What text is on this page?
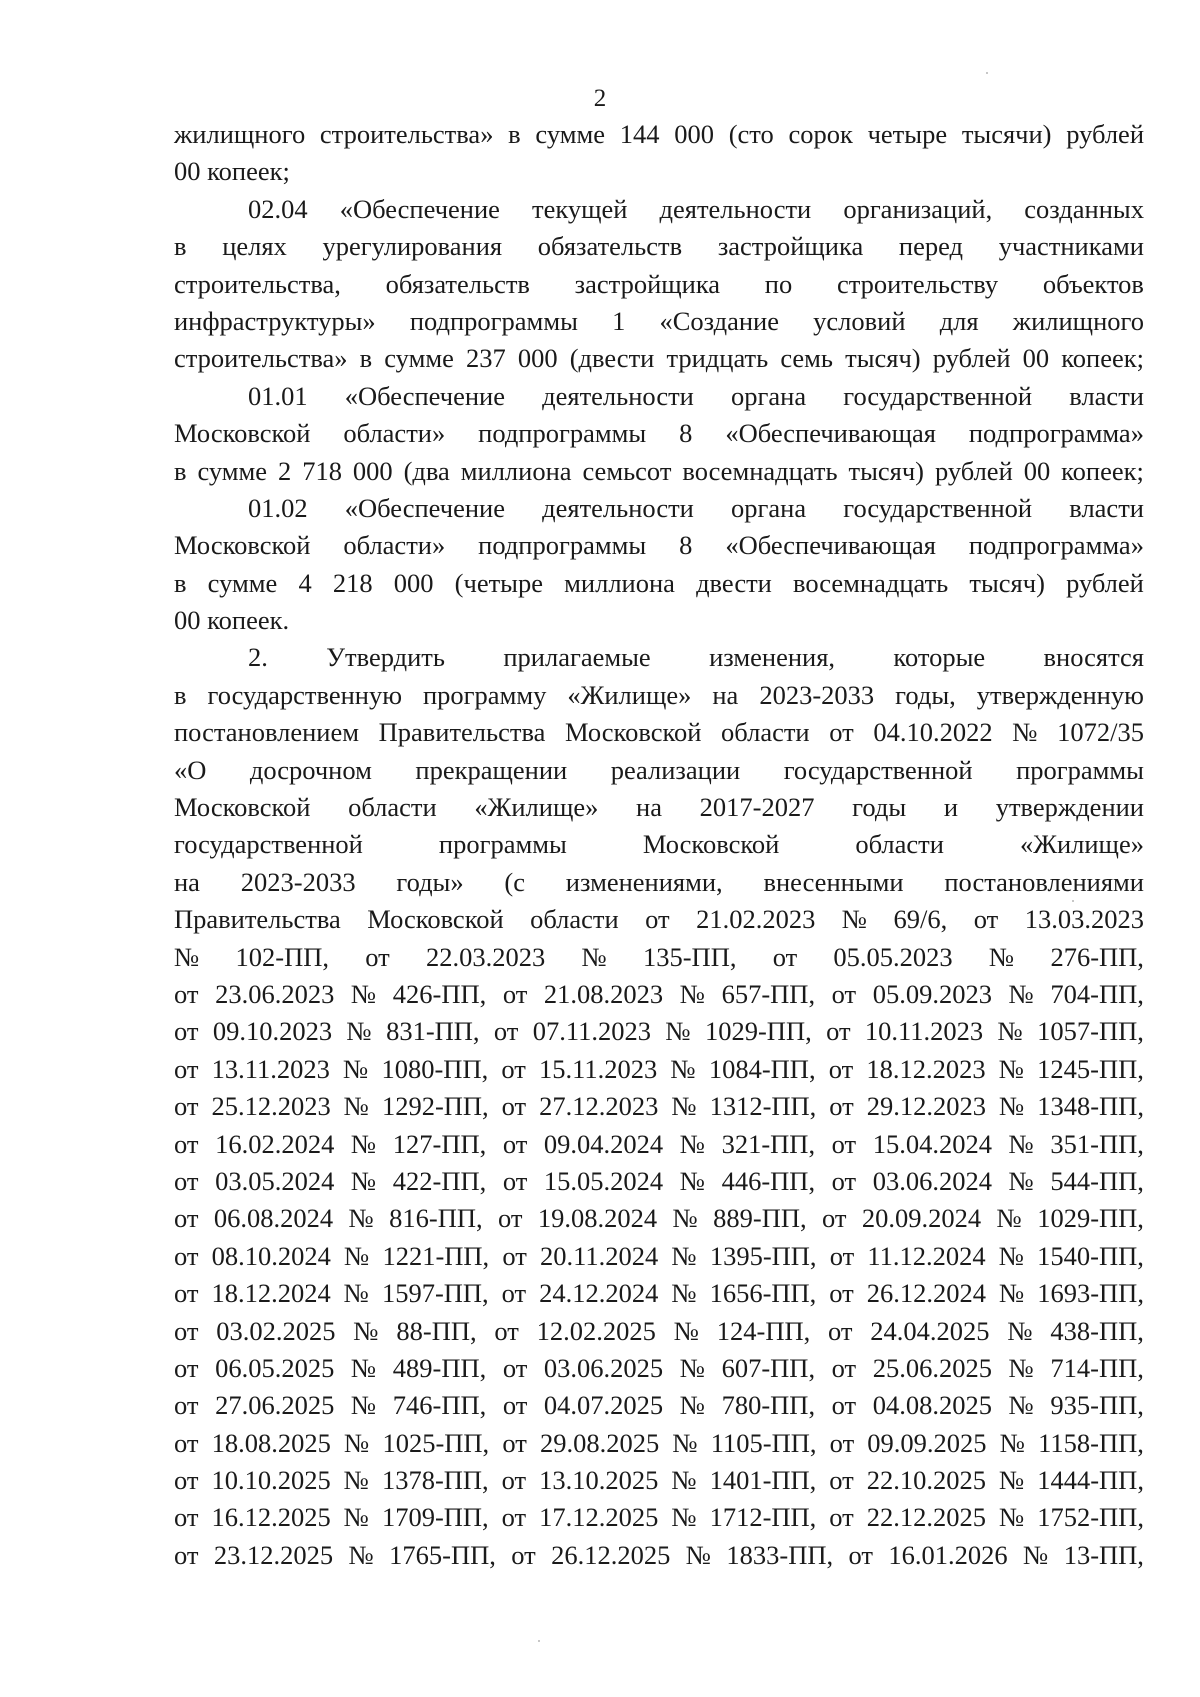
2
жилищного строительства» в сумме 144 000 (сто сорок четыре тысячи) рублей
00 копеек;
02.04 «Обеспечение текущей деятельности организаций, созданных
в целях урегулирования обязательств застройщика перед участниками
строительства, обязательств застройщика по строительству объектов
инфраструктуры» подпрограммы 1 «Создание условий для жилищного
строительства» в сумме 237 000 (двести тридцать семь тысяч) рублей 00 копеек;
01.01 «Обеспечение деятельности органа государственной власти
Московской области» подпрограммы 8 «Обеспечивающая подпрограмма»
в сумме 2 718 000 (два миллиона семьсот восемнадцать тысяч) рублей 00 копеек;
01.02 «Обеспечение деятельности органа государственной власти
Московской области» подпрограммы 8 «Обеспечивающая подпрограмма»
в сумме 4 218 000 (четыре миллиона двести восемнадцать тысяч) рублей
00 копеек.
2. Утвердить прилагаемые изменения, которые вносятся
в государственную программу «Жилище» на 2023-2033 годы, утвержденную
постановлением Правительства Московской области от 04.10.2022 № 1072/35
«О досрочном прекращении реализации государственной программы
Московской области «Жилище» на 2017-2027 годы и утверждении
государственной	программы	Московской	области	«Жилище»
на 2023-2033 годы» (с изменениями, внесенными постановлениями
Правительства Московской области от 21.02.2023 № 69/6, от 13.03.2023
№ 102-ПП, от 22.03.2023 № 135-ПП, от 05.05.2023 № 276-ПП,
от 23.06.2023 № 426-ПП, от 21.08.2023 № 657-ПП, от 05.09.2023 № 704-ПП,
от 09.10.2023 № 831-ПП, от 07.11.2023 № 1029-ПП, от 10.11.2023 № 1057-ПП,
от 13.11.2023 № 1080-ПП, от 15.11.2023 № 1084-ПП, от 18.12.2023 № 1245-ПП,
от 25.12.2023 № 1292-ПП, от 27.12.2023 № 1312-ПП, от 29.12.2023 № 1348-ПП,
от 16.02.2024 № 127-ПП, от 09.04.2024 № 321-ПП, от 15.04.2024 № 351-ПП,
от 03.05.2024 № 422-ПП, от 15.05.2024 № 446-ПП, от 03.06.2024 № 544-ПП,
от 06.08.2024 № 816-ПП, от 19.08.2024 № 889-ПП, от 20.09.2024 № 1029-ПП,
от 08.10.2024 № 1221-ПП, от 20.11.2024 № 1395-ПП, от 11.12.2024 № 1540-ПП,
от 18.12.2024 № 1597-ПП, от 24.12.2024 № 1656-ПП, от 26.12.2024 № 1693-ПП,
от 03.02.2025 № 88-ПП, от 12.02.2025 № 124-ПП, от 24.04.2025 № 438-ПП,
от 06.05.2025 № 489-ПП, от 03.06.2025 № 607-ПП, от 25.06.2025 № 714-ПП,
от 27.06.2025 № 746-ПП, от 04.07.2025 № 780-ПП, от 04.08.2025 № 935-ПП,
от 18.08.2025 № 1025-ПП, от 29.08.2025 № 1105-ПП, от 09.09.2025 № 1158-ПП,
от 10.10.2025 № 1378-ПП, от 13.10.2025 № 1401-ПП, от 22.10.2025 № 1444-ПП,
от 16.12.2025 № 1709-ПП, от 17.12.2025 № 1712-ПП, от 22.12.2025 № 1752-ПП,
от 23.12.2025 № 1765-ПП, от 26.12.2025 № 1833-ПП, от 16.01.2026 № 13-ПП,
